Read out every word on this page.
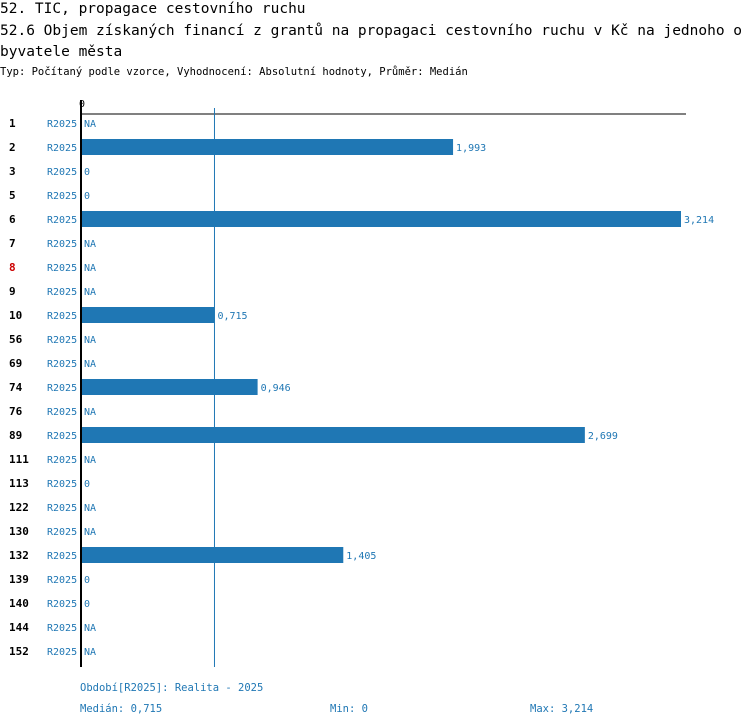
52. TIC, propagace cestovního ruchu
52.6 Objem získaných financí z grantů na propagaci cestovního ruchu v Kč na jednoho obyvatele města
Typ: Počítaný podle vzorce, Vyhodnocení: Absolutní hodnoty, Průměr: Medián
0
1	R2025 NA
2	R2025	1,993
3	R2025 0
5	R2025 0
6	R2025	3,214
7	R2025 NA
8	R2025 NA
9	R2025 NA
10 R2025	0,715
56 R2025 NA
69 R2025 NA
74 R2025	0,946
76 R2025 NA
89 R2025	2,699
111 R2025 NA
113 R2025 0
122 R2025 NA
130 R2025 NA
132 R2025	1,405
139 R2025 0
140 R2025 0
144 R2025 NA
152 R2025 NA
Období[R2025]: Realita - 2025
Medián: 0,715	Min: 0	Max: 3,214
